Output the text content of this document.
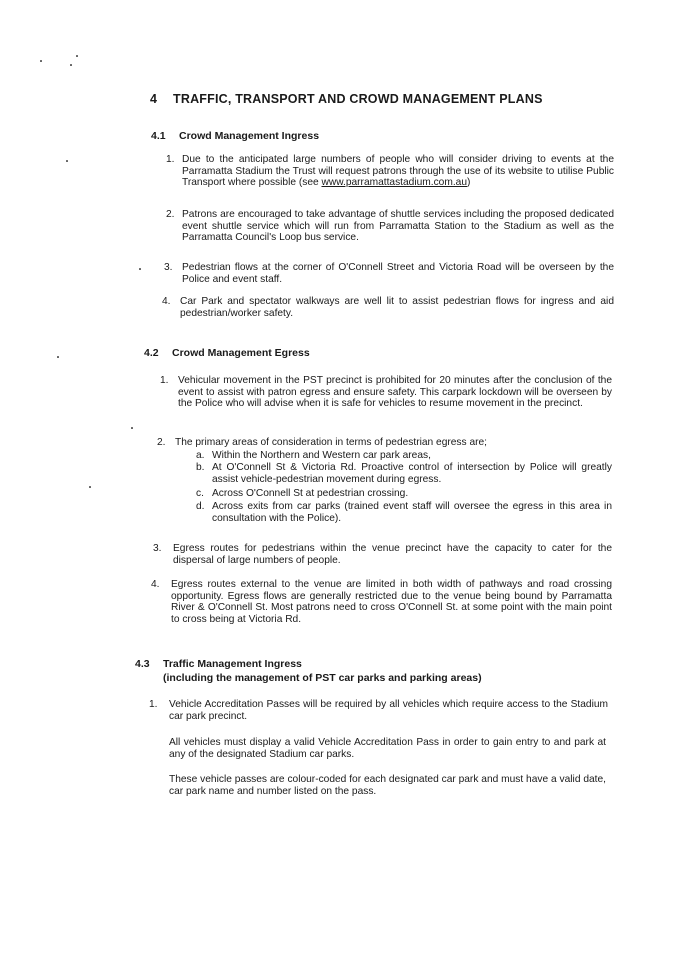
4 TRAFFIC, TRANSPORT AND CROWD MANAGEMENT PLANS
4.1 Crowd Management Ingress
1. Due to the anticipated large numbers of people who will consider driving to events at the Parramatta Stadium the Trust will request patrons through the use of its website to utilise Public Transport where possible (see www.parramattastadium.com.au)
2. Patrons are encouraged to take advantage of shuttle services including the proposed dedicated event shuttle service which will run from Parramatta Station to the Stadium as well as the Parramatta Council's Loop bus service.
3. Pedestrian flows at the corner of O'Connell Street and Victoria Road will be overseen by the Police and event staff.
4. Car Park and spectator walkways are well lit to assist pedestrian flows for ingress and aid pedestrian/worker safety.
4.2 Crowd Management Egress
1. Vehicular movement in the PST precinct is prohibited for 20 minutes after the conclusion of the event to assist with patron egress and ensure safety. This carpark lockdown will be overseen by the Police who will advise when it is safe for vehicles to resume movement in the precinct.
2. The primary areas of consideration in terms of pedestrian egress are;
a. Within the Northern and Western car park areas,
b. At O'Connell St & Victoria Rd. Proactive control of intersection by Police will greatly assist vehicle-pedestrian movement during egress.
c. Across O'Connell St at pedestrian crossing.
d. Across exits from car parks (trained event staff will oversee the egress in this area in consultation with the Police).
3.	Egress routes for pedestrians within the venue precinct have the capacity to cater for the dispersal of large numbers of people.
4.	Egress routes external to the venue are limited in both width of pathways and road crossing opportunity. Egress flows are generally restricted due to the venue being bound by Parramatta River & O'Connell St. Most patrons need to cross O'Connell St. at some point with the main point to cross being at Victoria Rd.
4.3 Traffic Management Ingress
(including the management of PST car parks and parking areas)
1.	Vehicle Accreditation Passes will be required by all vehicles which require access to the Stadium car park precinct.
All vehicles must display a valid Vehicle Accreditation Pass in order to gain entry to and park at any of the designated Stadium car parks.
These vehicle passes are colour-coded for each designated car park and must have a valid date, car park name and number listed on the pass.
